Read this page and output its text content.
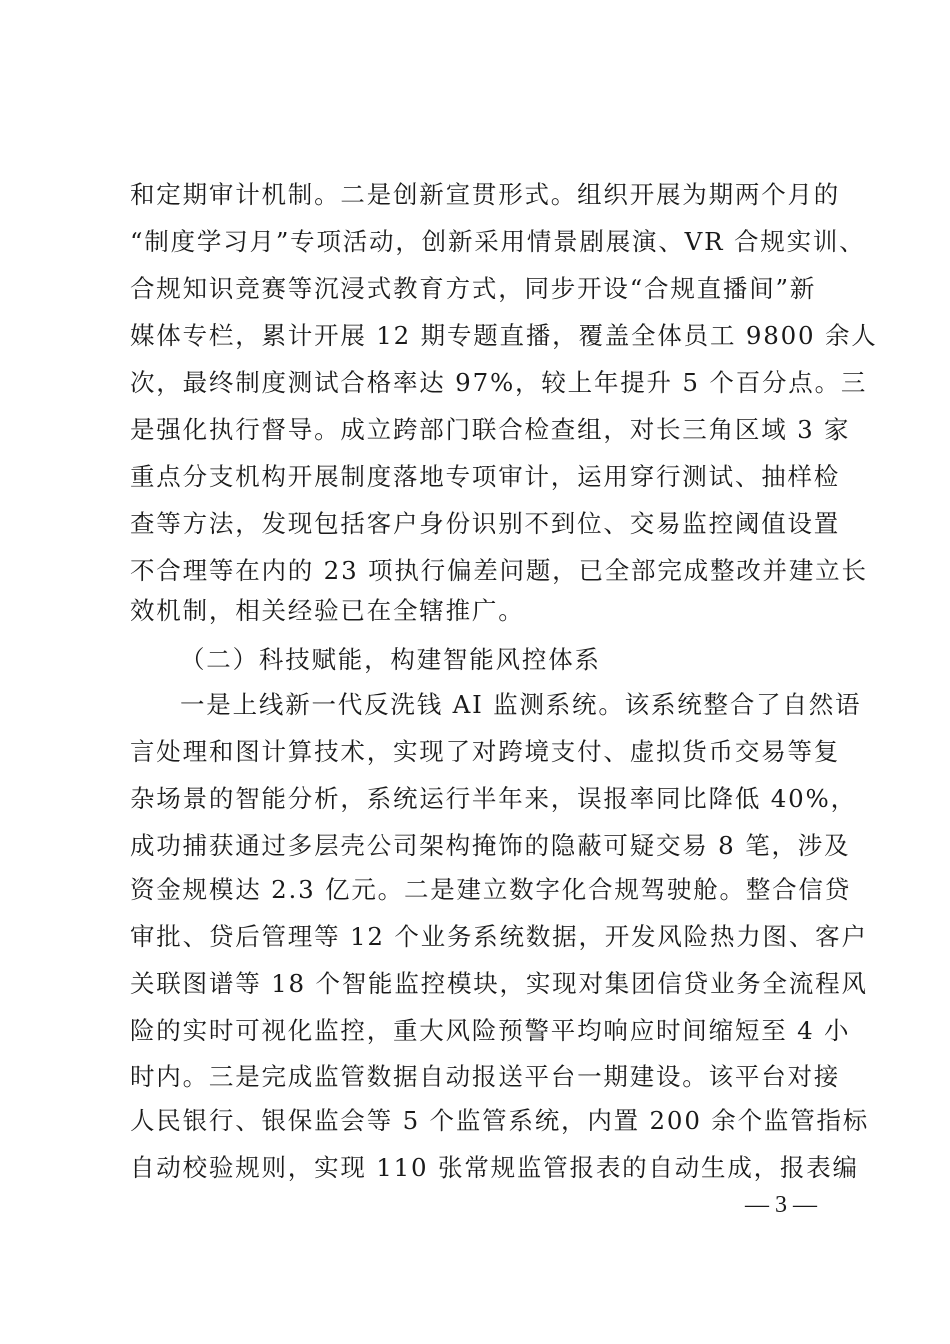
和定期审计机制。二是创新宣贯形式。组织开展为期两个月的
“制度学习月”专项活动，创新采用情景剧展演、VR 合规实训、
合规知识竞赛等沉浸式教育方式，同步开设“合规直播间”新
媒体专栏，累计开展 12 期专题直播，覆盖全体员工 9800 余人
次，最终制度测试合格率达 97%，较上年提升 5 个百分点。三
是强化执行督导。成立跨部门联合检查组，对长三角区域 3 家
重点分支机构开展制度落地专项审计，运用穿行测试、抽样检
查等方法，发现包括客户身份识别不到位、交易监控阈值设置
不合理等在内的 23 项执行偏差问题，已全部完成整改并建立长
效机制，相关经验已在全辖推广。
（二）科技赋能，构建智能风控体系
一是上线新一代反洗钱 AI 监测系统。该系统整合了自然语
言处理和图计算技术，实现了对跨境支付、虚拟货币交易等复
杂场景的智能分析，系统运行半年来，误报率同比降低 40%，
成功捕获通过多层壳公司架构掩饰的隐蔽可疑交易 8 笔，涉及
资金规模达 2.3 亿元。二是建立数字化合规驾驶舱。整合信贷
审批、贷后管理等 12 个业务系统数据，开发风险热力图、客户
关联图谱等 18 个智能监控模块，实现对集团信贷业务全流程风
险的实时可视化监控，重大风险预警平均响应时间缩短至 4 小
时内。三是完成监管数据自动报送平台一期建设。该平台对接
人民银行、银保监会等 5 个监管系统，内置 200 余个监管指标
自动校验规则，实现 110 张常规监管报表的自动生成，报表编
— 3 —
